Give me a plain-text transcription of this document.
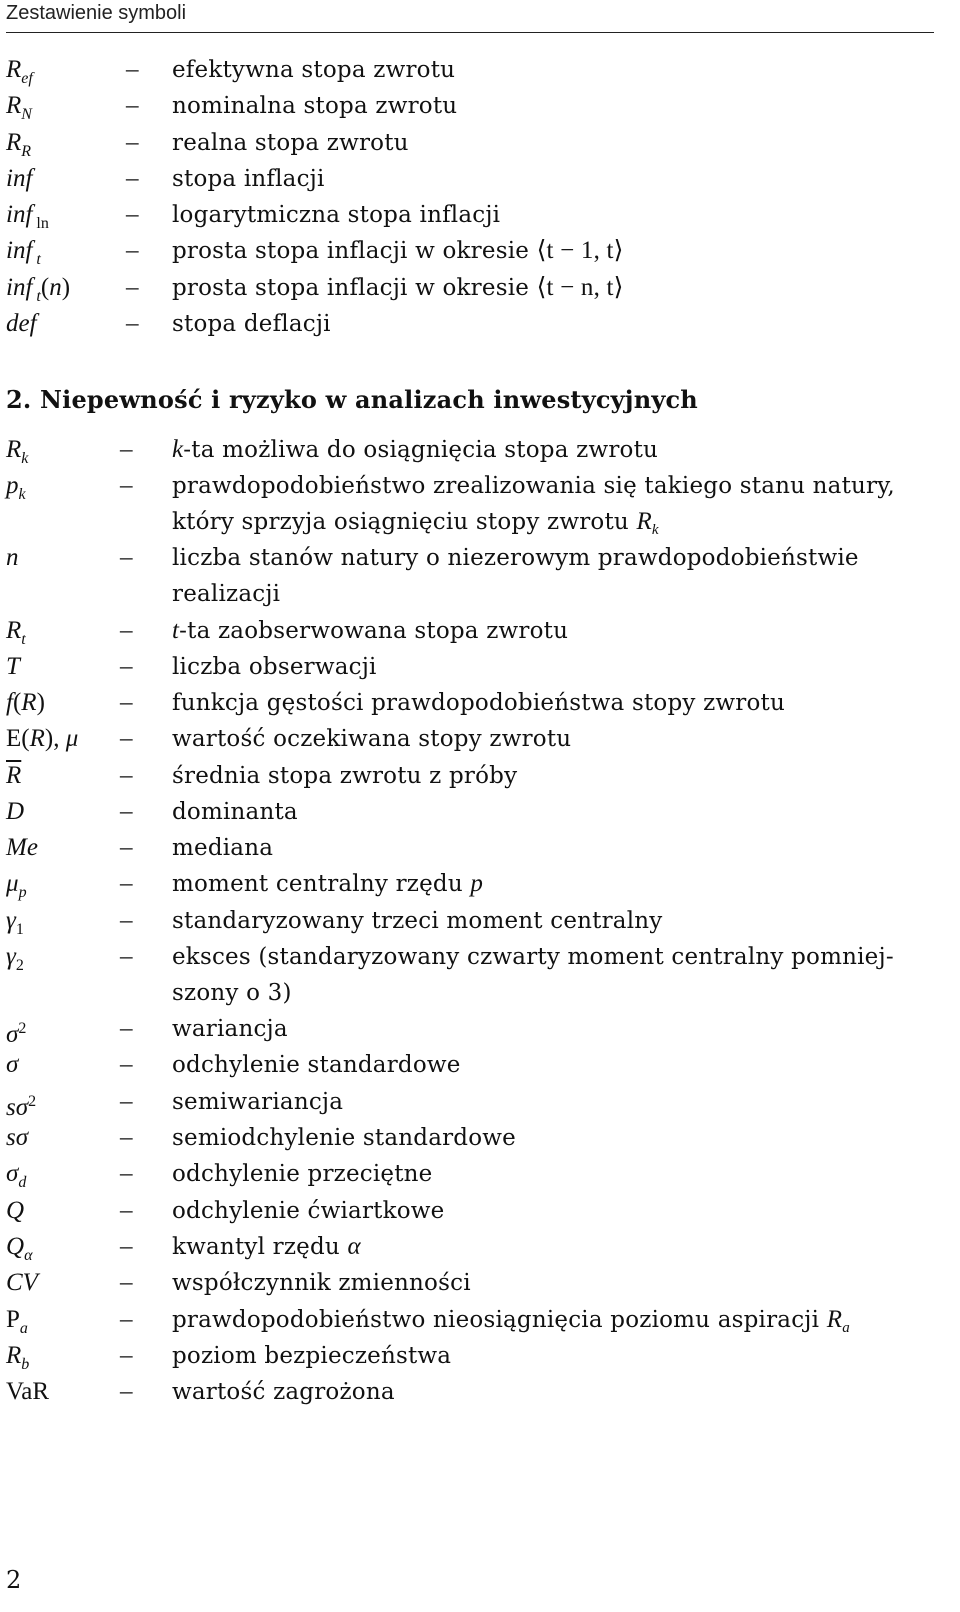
Zestawienie symboli
$R_{ef}$	– efektywna stopa zwrotu
$R_N$	– nominalna stopa zwrotu
$R_R$	– realna stopa zwrotu
inf	– stopa inflacji
inf $_{ln}$	– logarytmiczna stopa inflacji
inf $_t$	– prosta stopa inflacji w okresie ⟨t − 1, t⟩
inf $_t$(n) – prosta stopa inflacji w okresie ⟨t − n, t⟩
def	– stopa deflacji
2. Niepewność i ryzyko w analizach inwestycyjnych
$R_k$	– k-ta możliwa do osiągnięcia stopa zwrotu
$p_k$	– prawdopodobieństwo zrealizowania się takiego stanu natury,
który sprzyja osiągnięciu stopy zwrotu $R_k$
n	– liczba stanów natury o niezerowym prawdopodobieństwie
realizacji
$R_t$	– t-ta zaobserwowana stopa zwrotu
T	– liczba obserwacji
f(R)	– funkcja gęstości prawdopodobieństwa stopy zwrotu
E(R), μ – wartość oczekiwana stopy zwrotu
$\overline{R}$	– średnia stopa zwrotu z próby
D	– dominanta
Me	– mediana
$\mu_p$	– moment centralny rzędu p
$\gamma_1$	– standaryzowany trzeci moment centralny
$\gamma_2$	– eksces (standaryzowany czwarty moment centralny pomniej-
szony o 3)
$\sigma^2$	– wariancja
σ	– odchylenie standardowe
$s\sigma^2$	– semiwariancja
sσ	– semiodchylenie standardowe
$\sigma_d$	– odchylenie przeciętne
Q	– odchylenie ćwiartkowe
$Q_\alpha$	– kwantyl rzędu α
CV	– współczynnik zmienności
$P_a$	– prawdopodobieństwo nieosiągnięcia poziomu aspiracji $R_a$
$R_b$	– poziom bezpieczeństwa
VaR	– wartość zagrożona
2
